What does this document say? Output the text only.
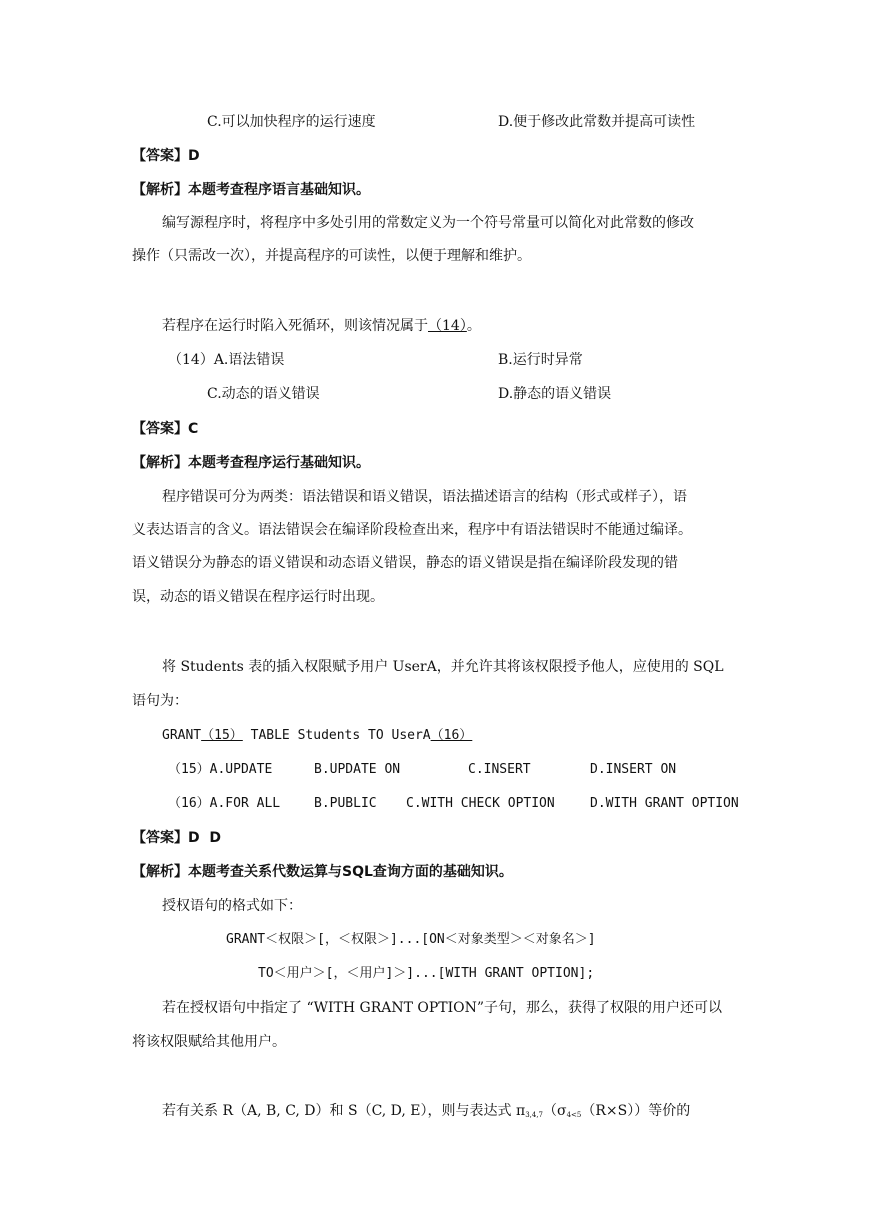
C.可以加快程序的运行速度	D.便于修改此常数并提高可读性
【答案】D
【解析】本题考查程序语言基础知识。
编写源程序时，将程序中多处引用的常数定义为一个符号常量可以简化对此常数的修改
操作（只需改一次），并提高程序的可读性，以便于理解和维护。
若程序在运行时陷入死循环，则该情况属于（14）。
（14）A.语法错误	B.运行时异常
C.动态的语义错误	D.静态的语义错误
【答案】C
【解析】本题考查程序运行基础知识。
程序错误可分为两类：语法错误和语义错误，语法描述语言的结构（形式或样子），语
义表达语言的含义。语法错误会在编译阶段检查出来，程序中有语法错误时不能通过编译。
语义错误分为静态的语义错误和动态语义错误，静态的语义错误是指在编译阶段发现的错
误，动态的语义错误在程序运行时出现。
将 Students 表的插入权限赋予用户 UserA，并允许其将该权限授予他人，应使用的 SQL
语句为：
GRANT（15） TABLE Students TO UserA（16）
（15）A.UPDATE	B.UPDATE ON	C.INSERT	D.INSERT ON
（16）A.FOR ALL	B.PUBLIC C.WITH CHECK OPTION	D.WITH GRANT OPTION
【答案】D  D
【解析】本题考查关系代数运算与SQL查询方面的基础知识。
授权语句的格式如下：
GRANT＜权限＞[，＜权限＞]...[ON＜对象类型＞＜对象名＞]
TO＜用户＞[，＜用户]＞]...[WITH GRANT OPTION];
若在授权语句中指定了 “WITH GRANT OPTION”子句，那么，获得了权限的用户还可以
将该权限赋给其他用户。
若有关系 R（A, B, C, D）和 S（C, D, E），则与表达式 $\pi_{3,4,7}(\sigma_{4<5}(R\times S))$等价的
